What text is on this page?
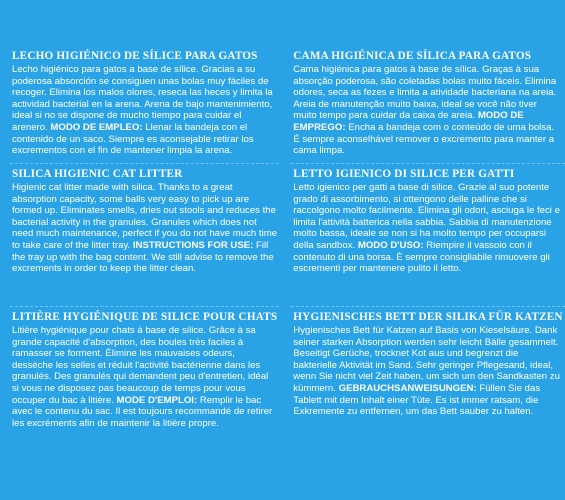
LECHO HIGIÉNICO DE SÍLICE PARA GATOS

Lecho higiénico para gatos a base de sílice. Gracias a su poderosa absorción se consiguen unas bolas muy fáciles de recoger. Elimina los malos olores, reseca las heces y limita la actividad bacterial en la arena. Arena de bajo mantenimiento, ideal si no se dispone de mucho tiempo para cuidar el arenero. MODO DE EMPLEO: Llenar la bandeja con el contenido de un saco. Siempre es aconsejable retirar los excrementos con el fin de mantener limpia la arena.

CAMA HIGIÉNICA DE SÍLICA PARA GATOS

Cama higiénica para gatos à base de sílica. Graças à sua absorção poderosa, são coletadas bolas muito fáceis. Elimina odores, seca as fezes e limita a atividade bacteriana na areia. Areia de manutenção muito baixa, ideal se você não tiver muito tempo para cuidar da caixa de areia. MODO DE EMPREGO: Encha a bandeja com o conteúdo de uma bolsa. É sempre aconselhável remover o excremento para manter a cama limpa.

SILICA HIGIENIC CAT LITTER

Higienic cat litter made with silica. Thanks to a great absorption capacity, some balls very easy to pick up are formed up. Eliminates smells, dries out stools and reduces the bacterial activity in the granules. Granules which does not need much maintenance, perfect if you do not have much time to take care of the litter tray. INSTRUCTIONS FOR USE: Fill the tray up with the bag content. We still advise to remove the excrements in order to keep the litter clean.

LETTO IGIENICO DI SILICE PER GATTI

Letto igienico per gatti a base di silice. Grazie al suo potente grado di assorbimento, si ottengono delle palline che si raccolgono molto facilmente. Elimina gli odori, asciuga le feci e limita l'attività batterica nella sabbia. Sabbia di manutenzione molto bassa, ideale se non si ha molto tempo per occuparsi della sandbox. MODO D'USO: Riempire il vassoio con il contenuto di una borsa. È sempre consigliabile rimuovere gli escrementi per mantenere pulito il letto.

LITIÈRE HYGIÉNIQUE DE SILICE POUR CHATS

Litière hygiénique pour chats à base de silice. Grâce à sa grande capacité d'absorption, des boules très faciles à ramasser se forment. Élimine les mauvaises odeurs, dessèche les selles et réduit l'activité bactérienne dans les granulés. Des granulés qui demandent peu d'entretien, idéal si vous ne disposez pas beaucoup de temps pour vous occuper du bac à litière. MODE D'EMPLOI: Remplir le bac avec le contenu du sac. Il est toujours recommandé de retirer les excréments afin de maintenir la litière propre.

HYGIENISCHES BETT DER SILIKA FÜR KATZEN

Hygienisches Bett für Katzen auf Basis von Kieselsäure. Dank seiner starken Absorption werden sehr leicht Bälle gesammelt. Beseitigt Gerüche, trocknet Kot aus und begrenzt die bakterielle Aktivität im Sand. Sehr geringer Pflegesand, ideal, wenn Sie nicht viel Zeit haben, um sich um den Sandkasten zu kümmern. GEBRAUCHSANWEISUNGEN: Füllen Sie das Tablett mit dem Inhalt einer Tüte. Es ist immer ratsam, die Exkremente zu entfernen, um das Bett sauber zu halten.
